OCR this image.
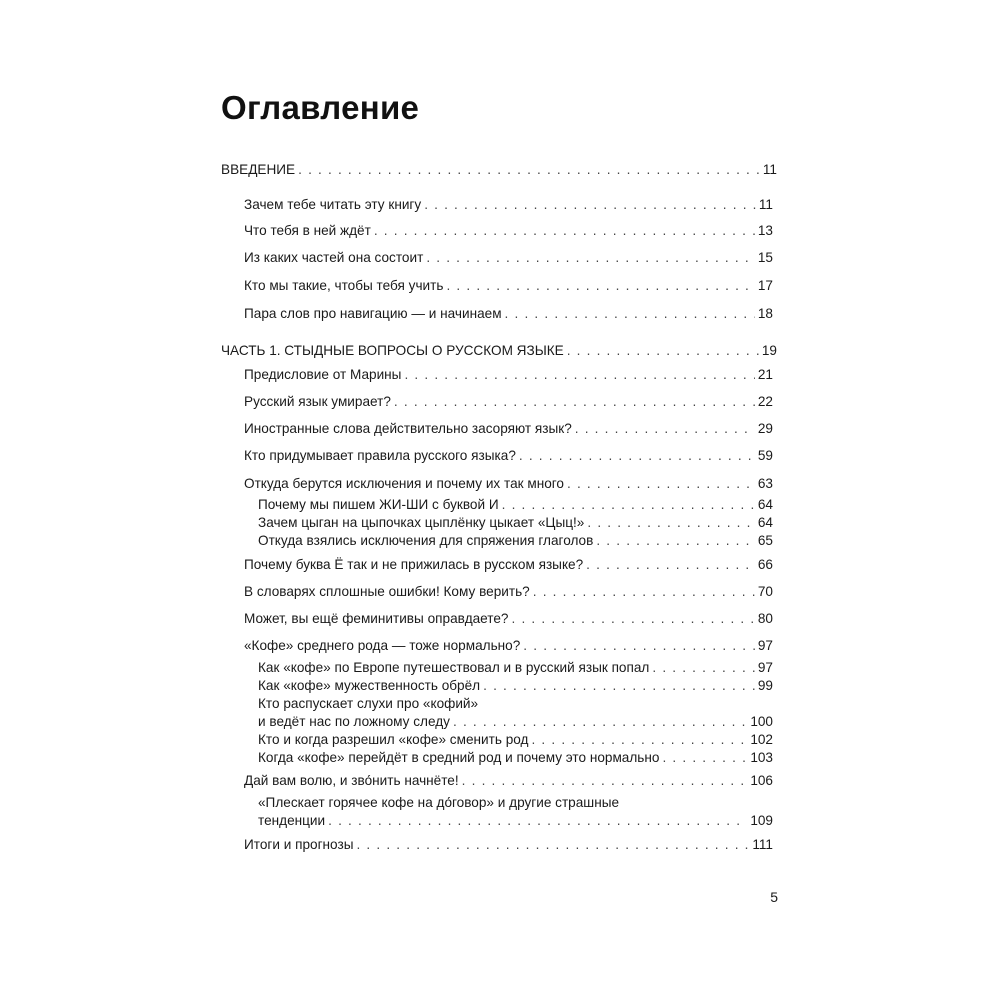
Оглавление
ВВЕДЕНИЕ . . .	11
Зачем тебе читать эту книгу . . .	11
Что тебя в ней ждёт . . .	13
Из каких частей она состоит . . .	15
Кто мы такие, чтобы тебя учить . . .	17
Пара слов про навигацию — и начинаем . . .	18
ЧАСТЬ 1. СТЫДНЫЕ ВОПРОСЫ О РУССКОМ ЯЗЫКЕ . . .	19
Предисловие от Марины . . .	21
Русский язык умирает? . . .	22
Иностранные слова действительно засоряют язык? . . .	29
Кто придумывает правила русского языка? . . .	59
Откуда берутся исключения и почему их так много . . .	63
Почему мы пишем ЖИ-ШИ с буквой И . . .	64
Зачем цыган на цыпочках цыплёнку цыкает «Цыц!» . . .	64
Откуда взялись исключения для спряжения глаголов . . .	65
Почему буква Ё так и не прижилась в русском языке? . . .	66
В словарях сплошные ошибки! Кому верить? . . .	70
Может, вы ещё феминитивы оправдаете? . . .	80
«Кофе» среднего рода — тоже нормально? . . .	97
Как «кофе» по Европе путешествовал и в русский язык попал . . .	97
Как «кофе» мужественность обрёл . . .	99
Кто распускает слухи про «кофий»
и ведёт нас по ложному следу . . .	100
Кто и когда разрешил «кофе» сменить род . . .	102
Когда «кофе» перейдёт в средний род и почему это нормально . . .	103
Дай вам волю, и зво́нить начнёте! . . .	106
«Плескает горячее кофе на до́говор» и другие страшные
тенденции . . .	109
Итоги и прогнозы . . .	111
5
